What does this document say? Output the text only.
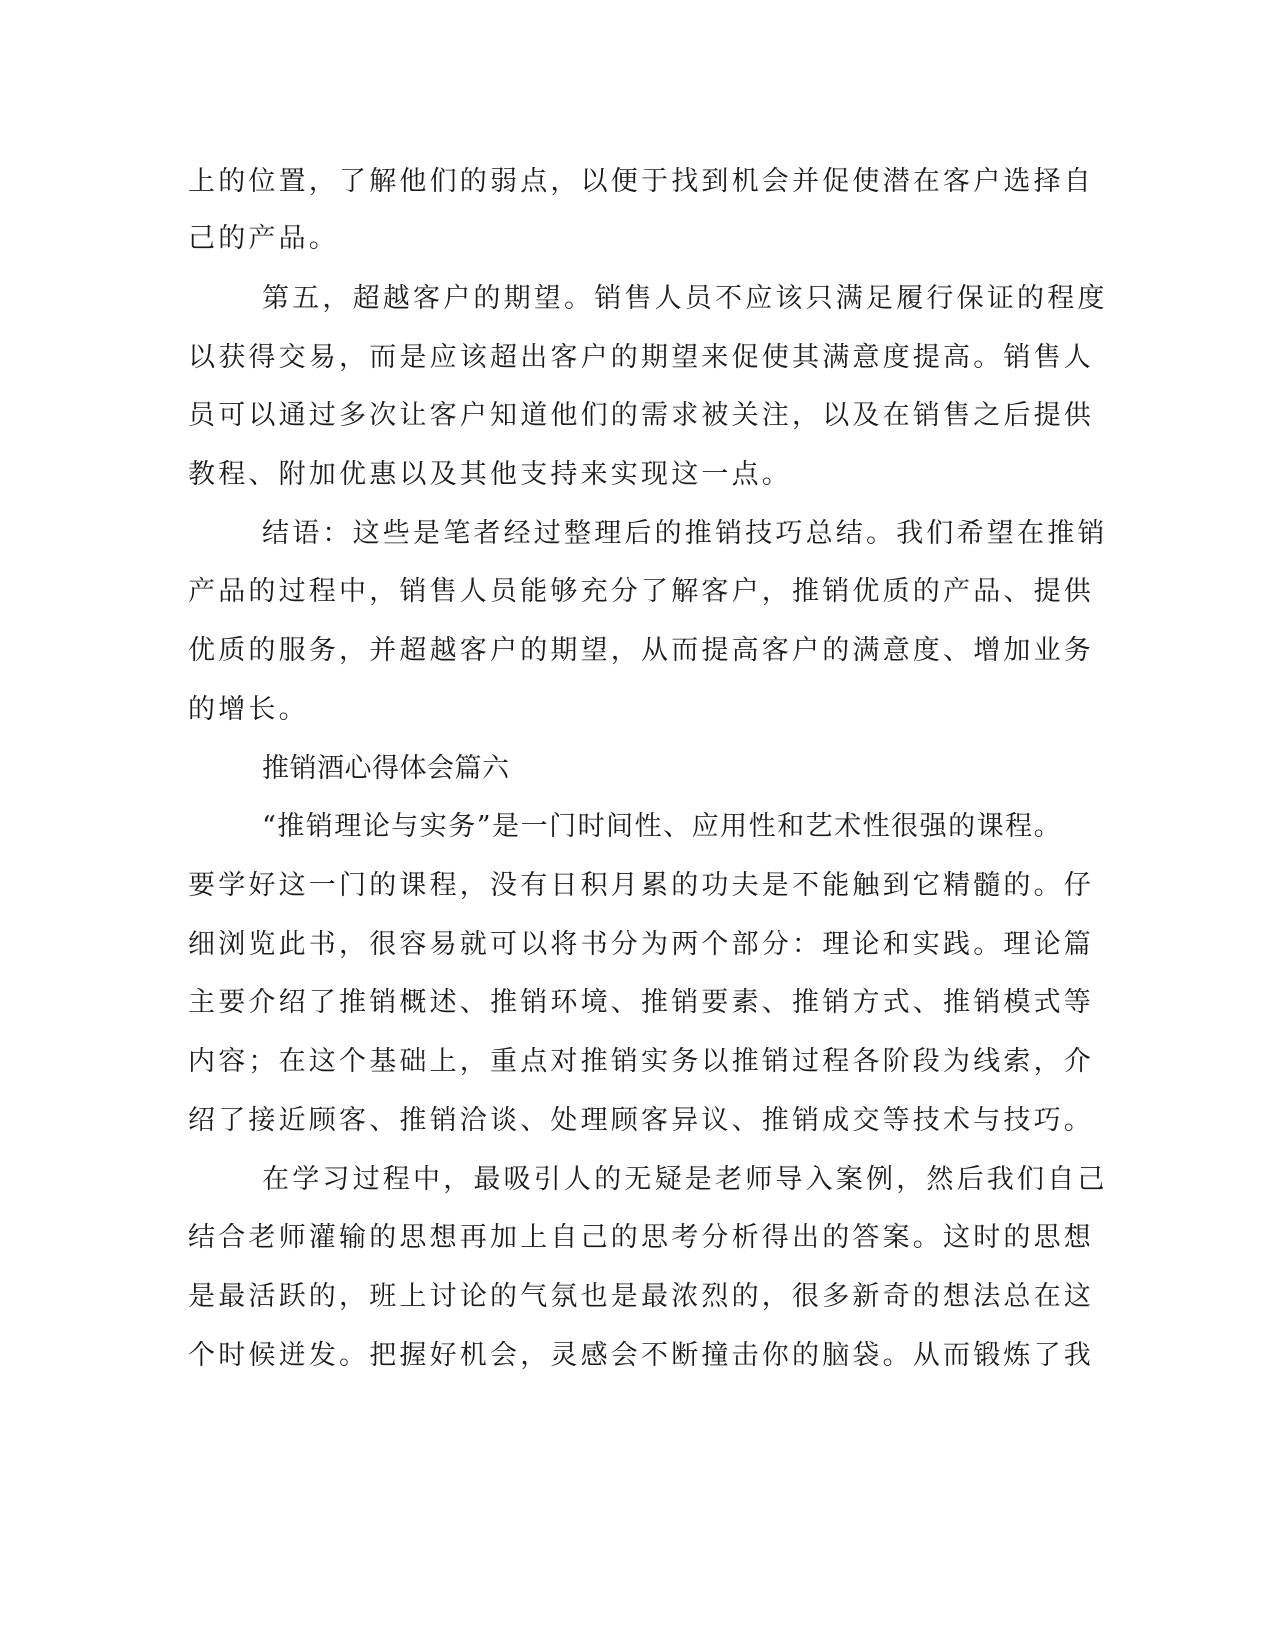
上的位置，了解他们的弱点，以便于找到机会并促使潜在客户选择自
己的产品。
第五，超越客户的期望。销售人员不应该只满足履行保证的程度
以获得交易，而是应该超出客户的期望来促使其满意度提高。销售人
员可以通过多次让客户知道他们的需求被关注，以及在销售之后提供
教程、附加优惠以及其他支持来实现这一点。
结语：这些是笔者经过整理后的推销技巧总结。我们希望在推销
产品的过程中，销售人员能够充分了解客户，推销优质的产品、提供
优质的服务，并超越客户的期望，从而提高客户的满意度、增加业务
的增长。
推销酒心得体会篇六
“推销理论与实务”是一门时间性、应用性和艺术性很强的课程。
要学好这一门的课程，没有日积月累的功夫是不能触到它精髓的。仔
细浏览此书，很容易就可以将书分为两个部分：理论和实践。理论篇
主要介绍了推销概述、推销环境、推销要素、推销方式、推销模式等
内容；在这个基础上，重点对推销实务以推销过程各阶段为线索，介
绍了接近顾客、推销洽谈、处理顾客异议、推销成交等技术与技巧。
在学习过程中，最吸引人的无疑是老师导入案例，然后我们自己
结合老师灌输的思想再加上自己的思考分析得出的答案。这时的思想
是最活跃的，班上讨论的气氛也是最浓烈的，很多新奇的想法总在这
个时候迸发。把握好机会，灵感会不断撞击你的脑袋。从而锻炼了我
